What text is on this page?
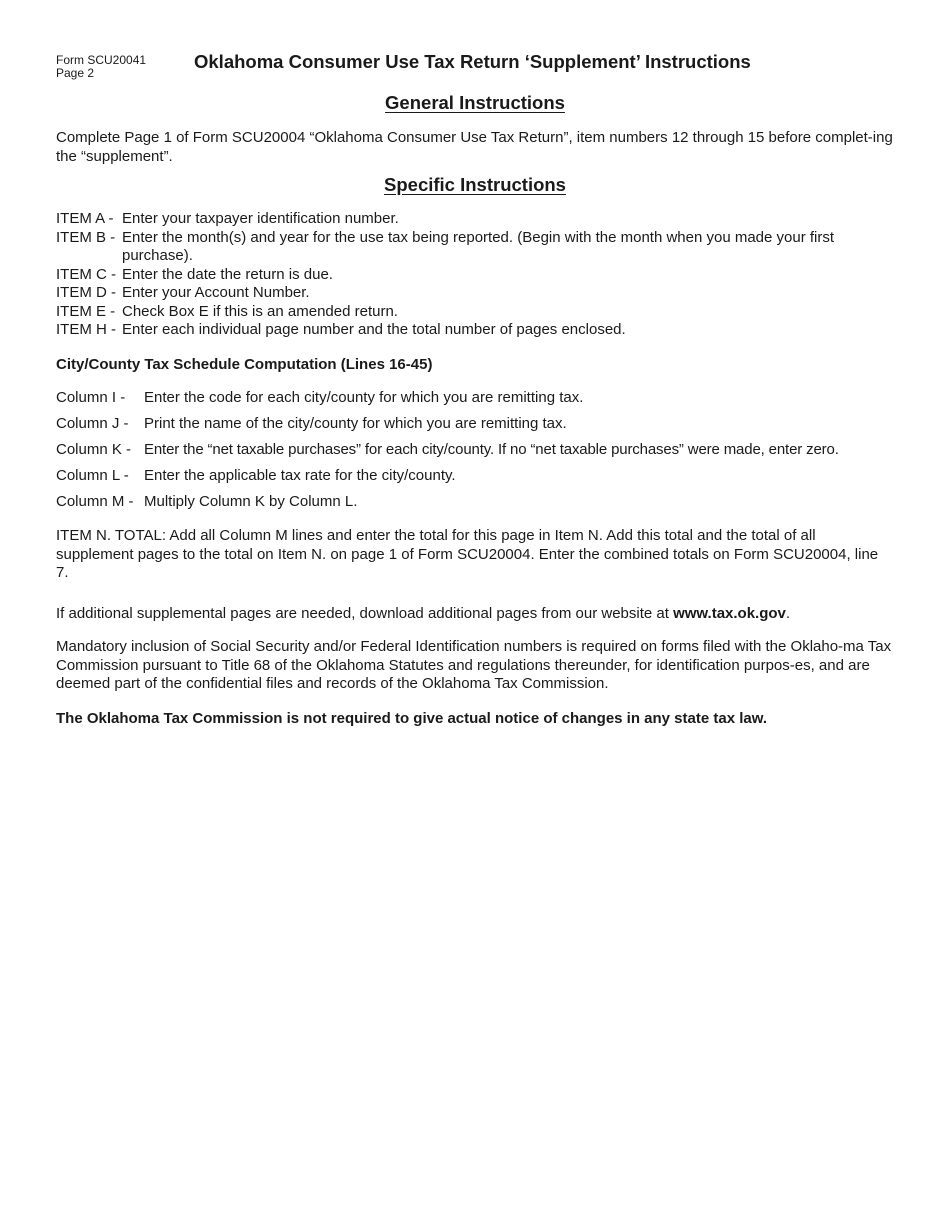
Form SCU20041
Page 2
Oklahoma Consumer Use Tax Return ‘Supplement’ Instructions
General Instructions
Complete Page 1 of Form SCU20004 “Oklahoma Consumer Use Tax Return”, item numbers 12 through 15 before complet-ing the “supplement”.
Specific Instructions
ITEM A - Enter your taxpayer identification number.
ITEM B - Enter the month(s) and year for the use tax being reported. (Begin with the month when you made your first purchase).
ITEM C - Enter the date the return is due.
ITEM D - Enter your Account Number.
ITEM E - Check Box E if this is an amended return.
ITEM H - Enter each individual page number and the total number of pages enclosed.
City/County Tax Schedule Computation (Lines 16-45)
Column I -	Enter the code for each city/county for which you are remitting tax.
Column J -	Print the name of the city/county for which you are remitting tax.
Column K - Enter the “net taxable purchases” for each city/county. If no “net taxable purchases” were made, enter zero.
Column L -	Enter the applicable tax rate for the city/county.
Column M - Multiply Column K by Column L.
ITEM N. TOTAL: Add all Column M lines and enter the total for this page in Item N. Add this total and the total of all supplement pages to the total on Item N. on page 1 of Form SCU20004. Enter the combined totals on Form SCU20004, line 7.
If additional supplemental pages are needed, download additional pages from our website at www.tax.ok.gov.
Mandatory inclusion of Social Security and/or Federal Identification numbers is required on forms filed with the Oklaho-ma Tax Commission pursuant to Title 68 of the Oklahoma Statutes and regulations thereunder, for identification purpos-es, and are deemed part of the confidential files and records of the Oklahoma Tax Commission.
The Oklahoma Tax Commission is not required to give actual notice of changes in any state tax law.
